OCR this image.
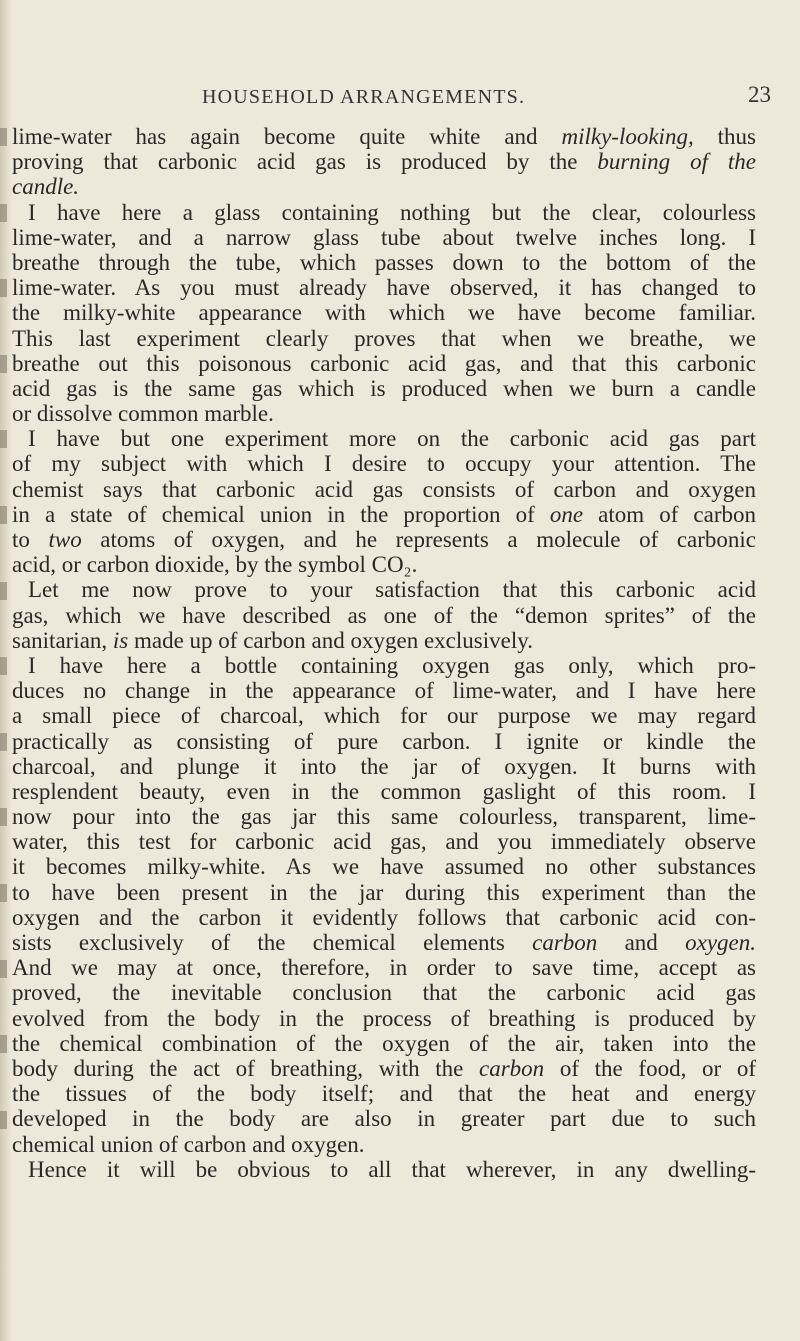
HOUSEHOLD ARRANGEMENTS.	23
lime-water has again become quite white and milky-looking, thus
proving that carbonic acid gas is produced by the burning of the
candle.
I have here a glass containing nothing but the clear, colourless
lime-water, and a narrow glass tube about twelve inches long. I
breathe through the tube, which passes down to the bottom of the
lime-water. As you must already have observed, it has changed to
the milky-white appearance with which we have become familiar.
This last experiment clearly proves that when we breathe, we
breathe out this poisonous carbonic acid gas, and that this carbonic
acid gas is the same gas which is produced when we burn a candle
or dissolve common marble.
I have but one experiment more on the carbonic acid gas part
of my subject with which I desire to occupy your attention. The
chemist says that carbonic acid gas consists of carbon and oxygen
in a state of chemical union in the proportion of one atom of carbon
to two atoms of oxygen, and he represents a molecule of carbonic
acid, or carbon dioxide, by the symbol CO₂.
Let me now prove to your satisfaction that this carbonic acid
gas, which we have described as one of the “demon sprites” of the
sanitarian, is made up of carbon and oxygen exclusively.
I have here a bottle containing oxygen gas only, which pro-
duces no change in the appearance of lime-water, and I have here
a small piece of charcoal, which for our purpose we may regard
practically as consisting of pure carbon. I ignite or kindle the
charcoal, and plunge it into the jar of oxygen. It burns with
resplendent beauty, even in the common gaslight of this room. I
now pour into the gas jar this same colourless, transparent, lime-
water, this test for carbonic acid gas, and you immediately observe
it becomes milky-white. As we have assumed no other substances
to have been present in the jar during this experiment than the
oxygen and the carbon it evidently follows that carbonic acid con-
sists exclusively of the chemical elements carbon and oxygen.
And we may at once, therefore, in order to save time, accept as
proved, the inevitable conclusion that the carbonic acid gas
evolved from the body in the process of breathing is produced by
the chemical combination of the oxygen of the air, taken into the
body during the act of breathing, with the carbon of the food, or of
the tissues of the body itself; and that the heat and energy
developed in the body are also in greater part due to such
chemical union of carbon and oxygen.
Hence it will be obvious to all that wherever, in any dwelling-
